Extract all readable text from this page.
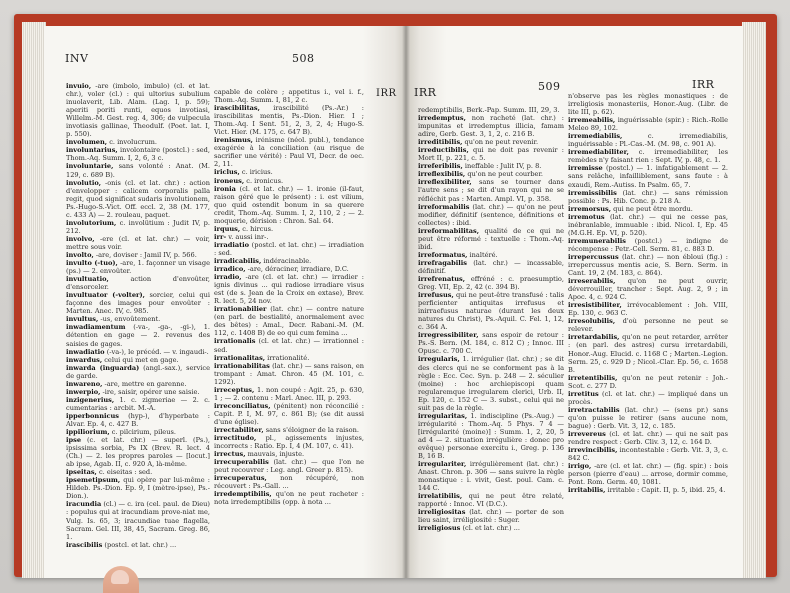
INV	508
IRR IRR	509	IRR
invuio, -are (imbolo, imbulo) (cl. et lat. chr.), voler (cl.) : qui ultorius subulium inuolaverit, Lib. Alam. (Lag. I, p. 59); aperiti poriti runti, equos invotiasi, Willelm.-M. Gest. reg. 4, 306; de vulpecula invotiasis gallinae, Theodulf. (Poet. lat. I, p. 550).
involumen, c. involucrum.
involuntarius, involontaire (postcl.) : sed, Thom.-Aq. Summ. I, 2, 6, 3 c.
involuntarie, sans volonté : Anat. (M. 129, c. 689 B).
involutio, -onis (cl. et lat. chr.) : action d'envelopper : calicem corporalis palla regit, quod significat sudaris involutionem, Ps.-Hugo-S.-Vict. Off. eccl. 2, 38 (M. 177, c. 433 A) — 2. rouleau, paquet.
involutorium, c. involütium : Judit IV, p. 212.
involvo, -ere (cl. et lat. chr.) — voir, mettre sous voir.
involto, -are, doviser : Jamil IV, p. 566.
invulto (-tuo), -are, 1. façonner un visage (ps.) — 2. envoûter.
invultuatio, action d'envoûter, d'ensorceler.
invultuator (-volter), sorcier, celui qui façonne des images pour envoûter : Marten. Anec. IV, c. 985.
invultus, -us, envoûtement.
inwadiamentum (-va-, -ga-, -gi-), 1. détention en gage — 2. revenus des saisies de gages.
inwadiatio (-va-), le précéd. — v. ingaudi-.
inwardus, celui qui met en gage.
inwarda (inguarda) (angl.-sax.), service de garde.
inwareno, -are, mettre en garenne.
inwerpio, -ire, saisir, opérer une saisie.
inzigenerius, 1. c. zigmeriae — 2. c. cumentarias : arcbit. M.-A.
ipperbonnicus (hyp-), d'hyperbate : Alvar. Ep. 4, c. 427 B.
ippiliorium, c. pilcirium, pileus.
ipse (c. et lat. chr.) — superl. (Ps.), ipsissima sorbia, Ps IX (Brev. R. lect. 4 (Ch.) — 2. les propres paroles — [locut.] ab ipse, Agab. II, c. 920 A, là-même.
ipseitas, c. eiseitas : sed.
ipsemetipsum, qui opère par lui-même : Hildeb. Ps.-Dion. Ep. 9, I (mètre-ipse), Ps.-Dion.).
iracundia (cl.) — c. ira (cel. paul. de Dieu) : populus qui at iracundiam prove-niat me, Vulg. Is. 65, 3; iracundiae tuae flagella, Sacram. Gel. III, 38, 45, Sacram. Greg. 86, 1.
irascibilis (postcl. et lat. chr.) ...
capable de colère ; appetitus i., vel i. f., Thom.-Aq. Summ. I, 81, 2 c.
irascibilitas, irascibilité (Ps.-Ar.) : irascibilitas mentis, Ps.-Dion. Hier. I ; Thom.-Aq. I Sent. 51, 2, 3, 2, 4; Hugo-S. Vict. Hier. (M. 175, c. 647 B).
irenismus, irénisme (néol. publ.), tendance exagérée à la conciliation (au risque de sacrifier une vérité) : Paul VI, Decr. de oec. 2, 11.
iriclus, c. iricius.
ironeus, c. ironicus.
ironia (cl. et lat. chr.) — 1. ironie (il-faut, raison géré que le présent) : i. est vilium, quo quid ostendit bonum in sa querere credit, Thom.-Aq. Summ. I, 2, 110, 2 ; — 2. moquerie, dérision : Chron. Sal. 64.
irquus, c. hircus.
irr- v. aussi inr-.
irradiatio (postcl. et lat. chr.) — irradiation : sed.
irradicabilis, indéracinable.
irradico, -are, déraciner, irradiare, D.C.
irradio, -are (cl. et lat. chr.) — irradier : ignis divinus ... qui radiose irradiare visus est (de s. Jean de la Croix en extase), Brev. R. lect. 5, 24 nov.
irrationabilier (lat. chr.) — contre nature (en parl. de bestialité, anormalement avec des bêtes) : Amal., Decr. Rabani.-M. (M. 112, c. 1408 B) de eo qui cum femina ...
irrationalis (cl. et lat. chr.) — irrationnel : sed.
irrationalitas, irrationalité.
irrationabilitas (lat. chr.) — sans raison, en trompant : Amat. Chron. 45 (M. 101, c. 1292).
irreceptus, 1. non coupé : Agit. 25, p. 630, 1 ; — 2. contenu : Marl. Anec. III, p. 293.
irreconciliatus, (pénitent) non réconcilié : Capit. P. I, M. 97, c. 861 B); (se dit aussi d'une église).
irrectabiliter, sans s'éloigner de la raison.
irrectitudo, pl., agissements injustes, incorrects : Ratio. Ep. I, 4 (M. 107, c. 41).
irrectus, mauvais, injuste.
irrecuperabilis (lat. chr.) — que l'on ne peut recouvrer : Leg. angl. Greer p. 815).
irrecuperatus, non récupéré, non récouvert : Ps.-Gall. ...
irredemptibilis, qu'on ne peut racheter : nota irredemptibilis (opp. à nota ...
redemptibilis, Berk.-Pap. Summ. III, 29, 3.
irredemptus, non racheté (lat. chr.) : impunitas et irredemptus illicia, famam adire, Gerb. Gest. 3, 1, 2, c. 216 B.
irreditibilis, qu'on ne peut revenir.
irreductibilis, qui ne doit pas revenir : Mort II, p. 221, c. 5.
irreferibilis, ineffable : Julit IV, p. 8.
irreflexibilis, qu'on ne peut courber.
irreflexibiliter, sans se tourner dans l'autre sens ; se dit d'un rayon qui ne se réfléchit pas : Marten. Ampl. VI, p. 358.
irreformabilis (lat. chr.) — qu'on ne peut modifier, définitif (sentence, définitions et collectes) : ibid.
irreformabilitas, qualité de ce qui ne peut être réformé : textuelle : Thom.-Aq. ibid.
irreformatus, inaltéré.
irrefragabilis (lat. chr.) — incassable, définitif.
irrefrenatus, effréné : c. praesumptio, Greg. VII, Ep. 2, 42 (c. 394 B).
irrefusus, qui ne peut-être transfusé : talis perficienter antiquitas irrefusus et inirraefusus naturae (durant les deux natures du Christ), Ps.-Aquil. C. Fel. 1, 12, c. 364 A.
irregressibiliter, sans espoir de retour : Ps.-S. Bern. (M. 184, c. 812 C) ; Innoc. III Opusc. c. 700 C.
irregularis, 1. irrégulier (lat. chr.) ; se dit des clercs qui ne se conforment pas à la règle : Ecc. Cec. Syn. p. 248 — 2. séculier (moine) : hoc archiepiscopi quam regularemque irregularem clerici, Urb. II, Ep. 120, c. 152 C — 3. subst., celui qui ne suit pas de la règle.
irregularitas, 1. indiscipline (Ps.-Aug.) — irrégularité : Thom.-Aq. 5 Phys. 7 4 — [irrégularité (moine)] : Summ. 1, 2, 20, 5 ad 4 — 2. situation irrégulière : donec pro evêque) personae exercitu i., Greg. p. 136 B, 16 B.
irregulariter, irrégulièrement (lat. chr.) : Anast. Chron. p. 306 — sans suivre la règle monastique : i. vivit, Gest. poul. Cam. c. 144 C.
irrelatibilis, qui ne peut être relaté, rapporté : Innoc. VI (D.C.).
irreligiositas (lat. chr.) — porter de son lieu saint, irréligiosité : Suger.
irreligiosus (cl. et lat. chr.) ...
n'observe pas les règles monastiques : de irreligiosis monasteriis, Honor.-Aug. (Libr. de lite III, p. 62).
irremeabilis, inguérissable (spir.) : Rich.-Rolle Meleo 89, 102.
irremediabilis, c. irremediabilis, inguérissable : Pl.-Cas.-M. (M. 98, c. 901 A).
irremediabiliter, c. irremediabiliter, les remèdes n'y faisant rien : Sept. IV, p. 48, c. 1.
irremisse (postcl.) — 1. infatigablement — 2. sans relâche, infailliblement, sans faute : à exaudi, Rem.-Autiss. In Psalm. 65, 7.
irremissibilis (lat. chr.) — sans rémission possible : Ps. Hib. Conc. p. 218 A.
irremorsus, qui ne peut être mordu.
irremotus (lat. chr.) — qui ne cesse pas, inébranlable, immuable : ibid. Nicol. I, Ep. 45 (M.G.H. Ep. VI, p. 520).
irremunerabilis (postcl.) — indigne de récompense : Petr.-Cell. Serm. 81, c. 883 D.
irrepercussus (lat. chr.) — non ébloui (fig.) : irrepercussus mentis acie, S. Bern. Serm. in Cant. 19, 2 (M. 183, c. 864).
irreserabilis, qu'on ne peut ouvrir, déverrouiller, trancher : Sept. Aug. 2, 9 ; in Apoc. 4, c. 924 C.
irresistibiliter, irrévocablement : Joh. VIII, Ep. 130, c. 963 C.
irresolubilis, d'où personne ne peut se relever.
irretardabilis, qu'on ne peut retarder, arrêter : (en parl. des astres) cursu irretardabili, Honor.-Aug. Elucid. c. 1168 C ; Marten.-Legion. Serm. 25, c. 929 D ; Nicol.-Clar. Ep. 56, c. 1658 B.
irretentibilis, qu'on ne peut retenir : Joh.-Scot. c. 277 D.
irretitus (cl. et lat. chr.) — impliqué dans un procès.
irretractabilis (lat. chr.) — (sens pr.) sans qu'on puisse le retirer (sans aucune nom, bague) : Gerb. Vit. 3, 12, c. 185.
irrevereus (cl. et lat. chr.) — qui ne sait pas rendre respect : Gerb. Cliv. 3, 12, c. 164 D.
irrevincibilis, incontestable : Gerb. Vit. 3, 3, c. 842 C.
irrigo, -are (cl. et lat. chr.) — (fig. spir.) : bois person (pierre d'eau) ... arrose, dormir comme, Pont. Rom. Germ. 40, 1081.
irritabilis, irritable : Capit. II, p. 5, ibid. 25, 4.
